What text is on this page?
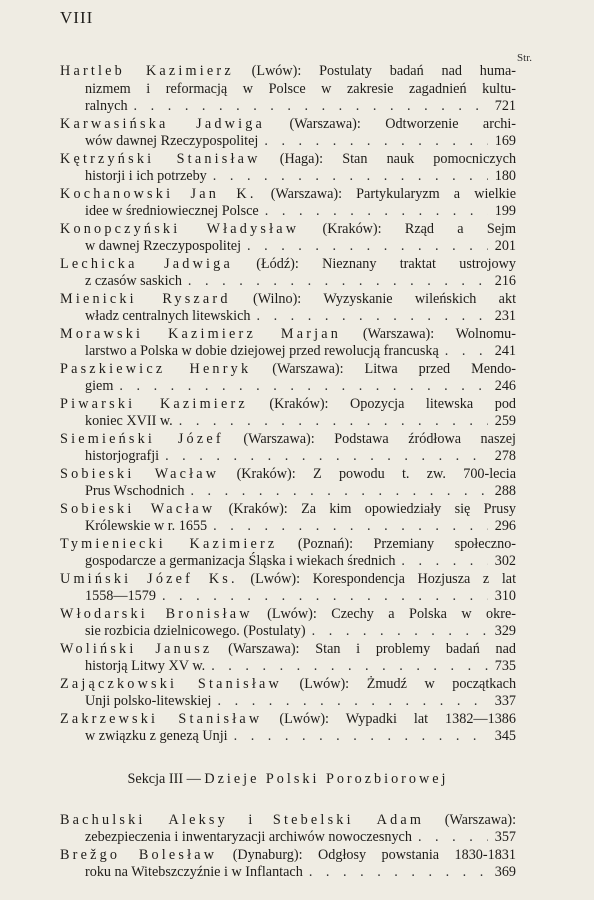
VIII
Str.
Hartleb Kazimierz (Lwów): Postulaty badań nad huma-
nizmem i reformacją w Polsce w zakresie zagadnień kultu-
ralnych . . .	721
Karwasińska Jadwiga (Warszawa): Odtworzenie archi-
wów dawnej Rzeczypospolitej . . .	169
Kętrzyński Stanisław (Haga): Stan nauk pomocniczych
historji i ich potrzeby . . .	180
Kochanowski Jan K. (Warszawa): Partykularyzm a wielkie
idee w średniowiecznej Polsce . . .	199
Konopczyński Władysław (Kraków): Rząd a Sejm
w dawnej Rzeczypospolitej . . .	201
Lechicka Jadwiga (Łódź): Nieznany traktat ustrojowy
z czasów saskich . . .	216
Mienicki Ryszard (Wilno): Wyzyskanie wileńskich akt
władz centralnych litewskich . . .	231
Morawski Kazimierz Marjan (Warszawa): Wolnomu-
larstwo a Polska w dobie dziejowej przed rewolucją francuską . . .	241
Paszkiewicz Henryk (Warszawa): Litwa przed Mendo-
giem . . .	246
Piwarski Kazimierz (Kraków): Opozycja litewska pod
koniec XVII w. . . .	259
Siemieński Józef (Warszawa): Podstawa źródłowa naszej
historjografji . . .	278
Sobieski Wacław (Kraków): Z powodu t. zw. 700-lecia
Prus Wschodnich . . .	288
Sobieski Wacław (Kraków): Za kim opowiedziały się Prusy
Królewskie w r. 1655 . . .	296
Tymieniecki Kazimierz (Poznań): Przemiany społeczno-
gospodarcze a germanizacja Śląska i wiekach średnich . . .	302
Umiński Józef Ks. (Lwów): Korespondencja Hozjusza z lat
1558—1579 . . .	310
Włodarski Bronisław (Lwów): Czechy a Polska w okre-
sie rozbicia dzielnicowego. (Postulaty) . . .	329
Woliński Janusz (Warszawa): Stan i problemy badań nad
historją Litwy XV w. . . .	735
Zajączkowski Stanisław (Lwów): Żmudź w początkach
Unji polsko-litewskiej . . .	337
Zakrzewski Stanisław (Lwów): Wypadki lat 1382—1386
w związku z genezą Unji . . .	345
Sekcja III — Dzieje Polski Porozbiorowej
Bachulski Aleksy i Stebelski Adam (Warszawa):
zebezpieczenia i inwentaryzacji archiwów nowoczesnych . . .	357
Brežgo Bolesław (Dynaburg): Odgłosy powstania 1830-1831
roku na Witebszczyźnie i w Inflantach . . .	369
